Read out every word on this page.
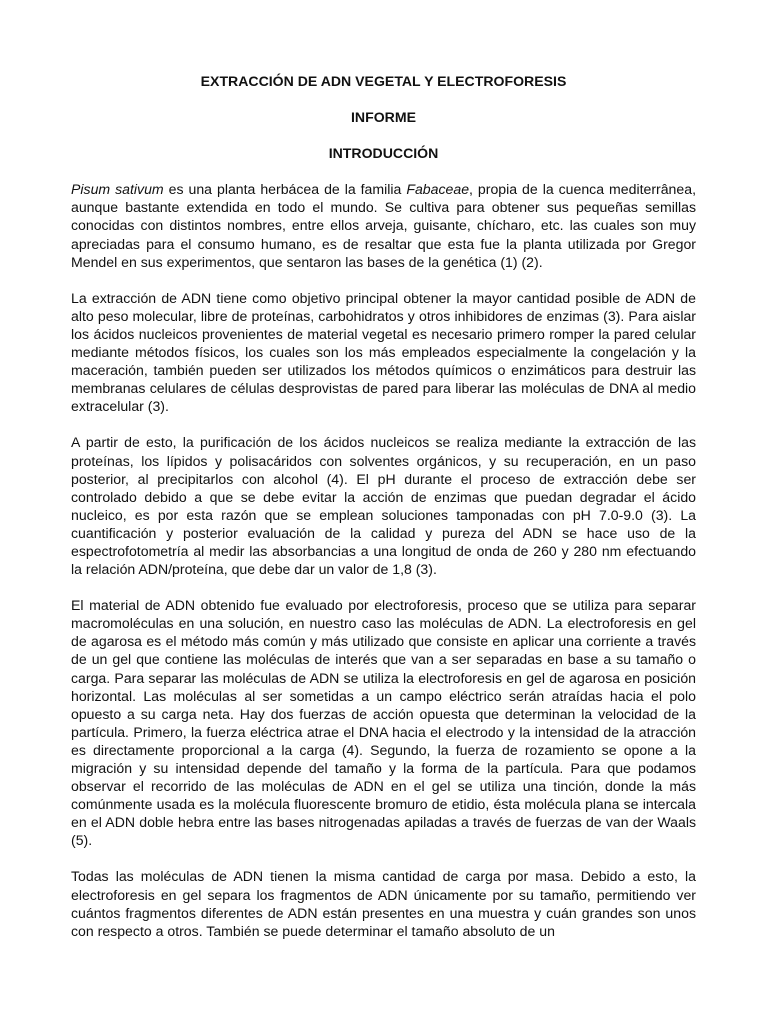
EXTRACCIÓN DE ADN VEGETAL Y ELECTROFORESIS
INFORME
INTRODUCCIÓN

Pisum sativum es una planta herbácea de la familia Fabaceae, propia de la cuenca mediterrânea, aunque bastante extendida en todo el mundo. Se cultiva para obtener sus pequeñas semillas conocidas con distintos nombres, entre ellos arveja, guisante, chícharo, etc. las cuales son muy apreciadas para el consumo humano, es de resaltar que esta fue la planta utilizada por Gregor Mendel en sus experimentos, que sentaron las bases de la genética (1) (2).

La extracción de ADN tiene como objetivo principal obtener la mayor cantidad posible de ADN de alto peso molecular, libre de proteínas, carbohidratos y otros inhibidores de enzimas (3). Para aislar los ácidos nucleicos provenientes de material vegetal es necesario primero romper la pared celular mediante métodos físicos, los cuales son los más empleados especialmente la congelación y la maceración, también pueden ser utilizados los métodos químicos o enzimáticos para destruir las membranas celulares de células desprovistas de pared para liberar las moléculas de DNA al medio extracelular (3).

A partir de esto, la purificación de los ácidos nucleicos se realiza mediante la extracción de las proteínas, los lípidos y polisacáridos con solventes orgánicos, y su recuperación, en un paso posterior, al precipitarlos con alcohol (4). El pH durante el proceso de extracción debe ser controlado debido a que se debe evitar la acción de enzimas que puedan degradar el ácido nucleico, es por esta razón que se emplean soluciones tamponadas con pH 7.0-9.0 (3). La cuantificación y posterior evaluación de la calidad y pureza del ADN se hace uso de la espectrofotometría al medir las absorbancias a una longitud de onda de 260 y 280 nm efectuando la relación ADN/proteína, que debe dar un valor de 1,8 (3).

El material de ADN obtenido fue evaluado por electroforesis, proceso que se utiliza para separar macromoléculas en una solución, en nuestro caso las moléculas de ADN. La electroforesis en gel de agarosa es el método más común y más utilizado que consiste en aplicar una corriente a través de un gel que contiene las moléculas de interés que van a ser separadas en base a su tamaño o carga. Para separar las moléculas de ADN se utiliza la electroforesis en gel de agarosa en posición horizontal. Las moléculas al ser sometidas a un campo eléctrico serán atraídas hacia el polo opuesto a su carga neta. Hay dos fuerzas de acción opuesta que determinan la velocidad de la partícula. Primero, la fuerza eléctrica atrae el DNA hacia el electrodo y la intensidad de la atracción es directamente proporcional a la carga (4). Segundo, la fuerza de rozamiento se opone a la migración y su intensidad depende del tamaño y la forma de la partícula. Para que podamos observar el recorrido de las moléculas de ADN en el gel se utiliza una tinción, donde la más comúnmente usada es la molécula fluorescente bromuro de etidio, ésta molécula plana se intercala en el ADN doble hebra entre las bases nitrogenadas apiladas a través de fuerzas de van der Waals (5).

Todas las moléculas de ADN tienen la misma cantidad de carga por masa. Debido a esto, la electroforesis en gel separa los fragmentos de ADN únicamente por su tamaño, permitiendo ver cuántos fragmentos diferentes de ADN están presentes en una muestra y cuán grandes son unos con respecto a otros. También se puede determinar el tamaño absoluto de un
